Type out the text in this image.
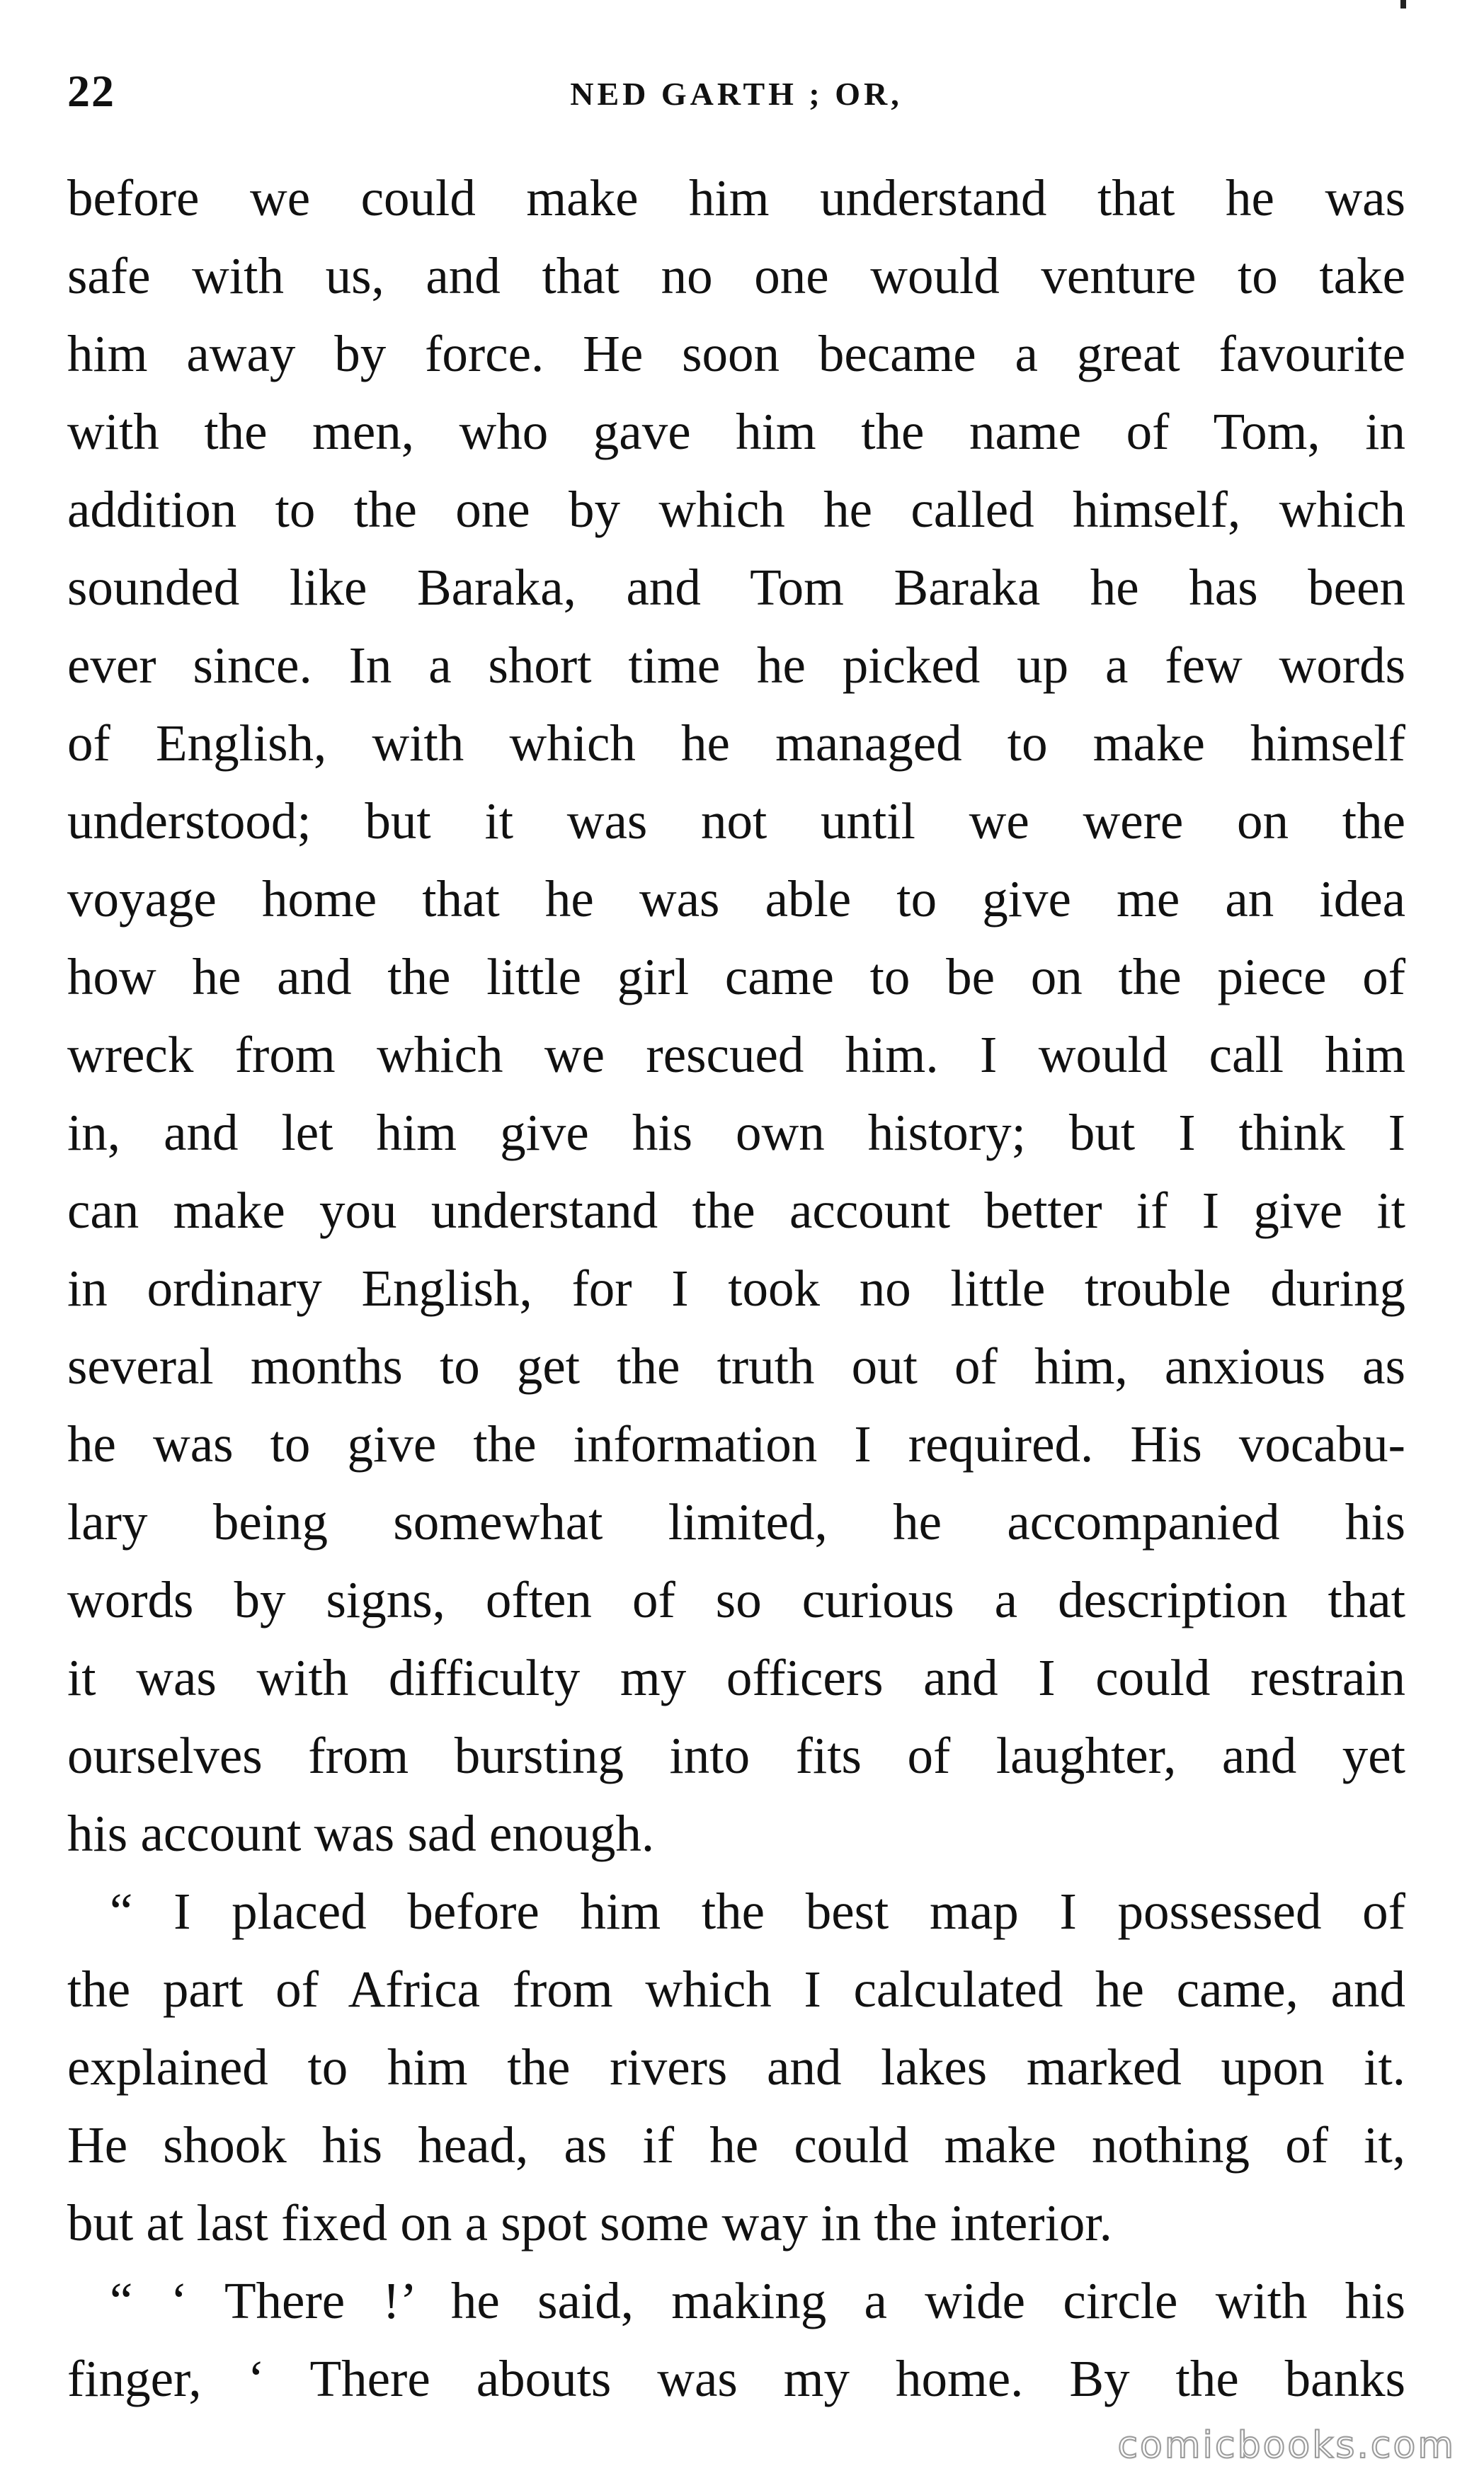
22	NED GARTH ; OR,
before we could make him understand that he was
safe with us, and that no one would venture to take
him away by force. He soon became a great favourite
with the men, who gave him the name of Tom, in
addition to the one by which he called himself, which
sounded like Baraka, and Tom Baraka he has been
ever since. In a short time he picked up a few words
of English, with which he managed to make himself
understood; but it was not until we were on the
voyage home that he was able to give me an idea
how he and the little girl came to be on the piece of
wreck from which we rescued him. I would call him
in, and let him give his own history; but I think I
can make you understand the account better if I give it
in ordinary English, for I took no little trouble during
several months to get the truth out of him, anxious as
he was to give the information I required. His vocabu-
lary being somewhat limited, he accompanied his
words by signs, often of so curious a description that
it was with difficulty my officers and I could restrain
ourselves from bursting into fits of laughter, and yet
his account was sad enough.
“ I placed before him the best map I possessed of
the part of Africa from which I calculated he came, and
explained to him the rivers and lakes marked upon it.
He shook his head, as if he could make nothing of it,
but at last fixed on a spot some way in the interior.
“ ‘ There !’ he said, making a wide circle with his
finger, ‘ There abouts was my home. By the banks
comicbooks.com
